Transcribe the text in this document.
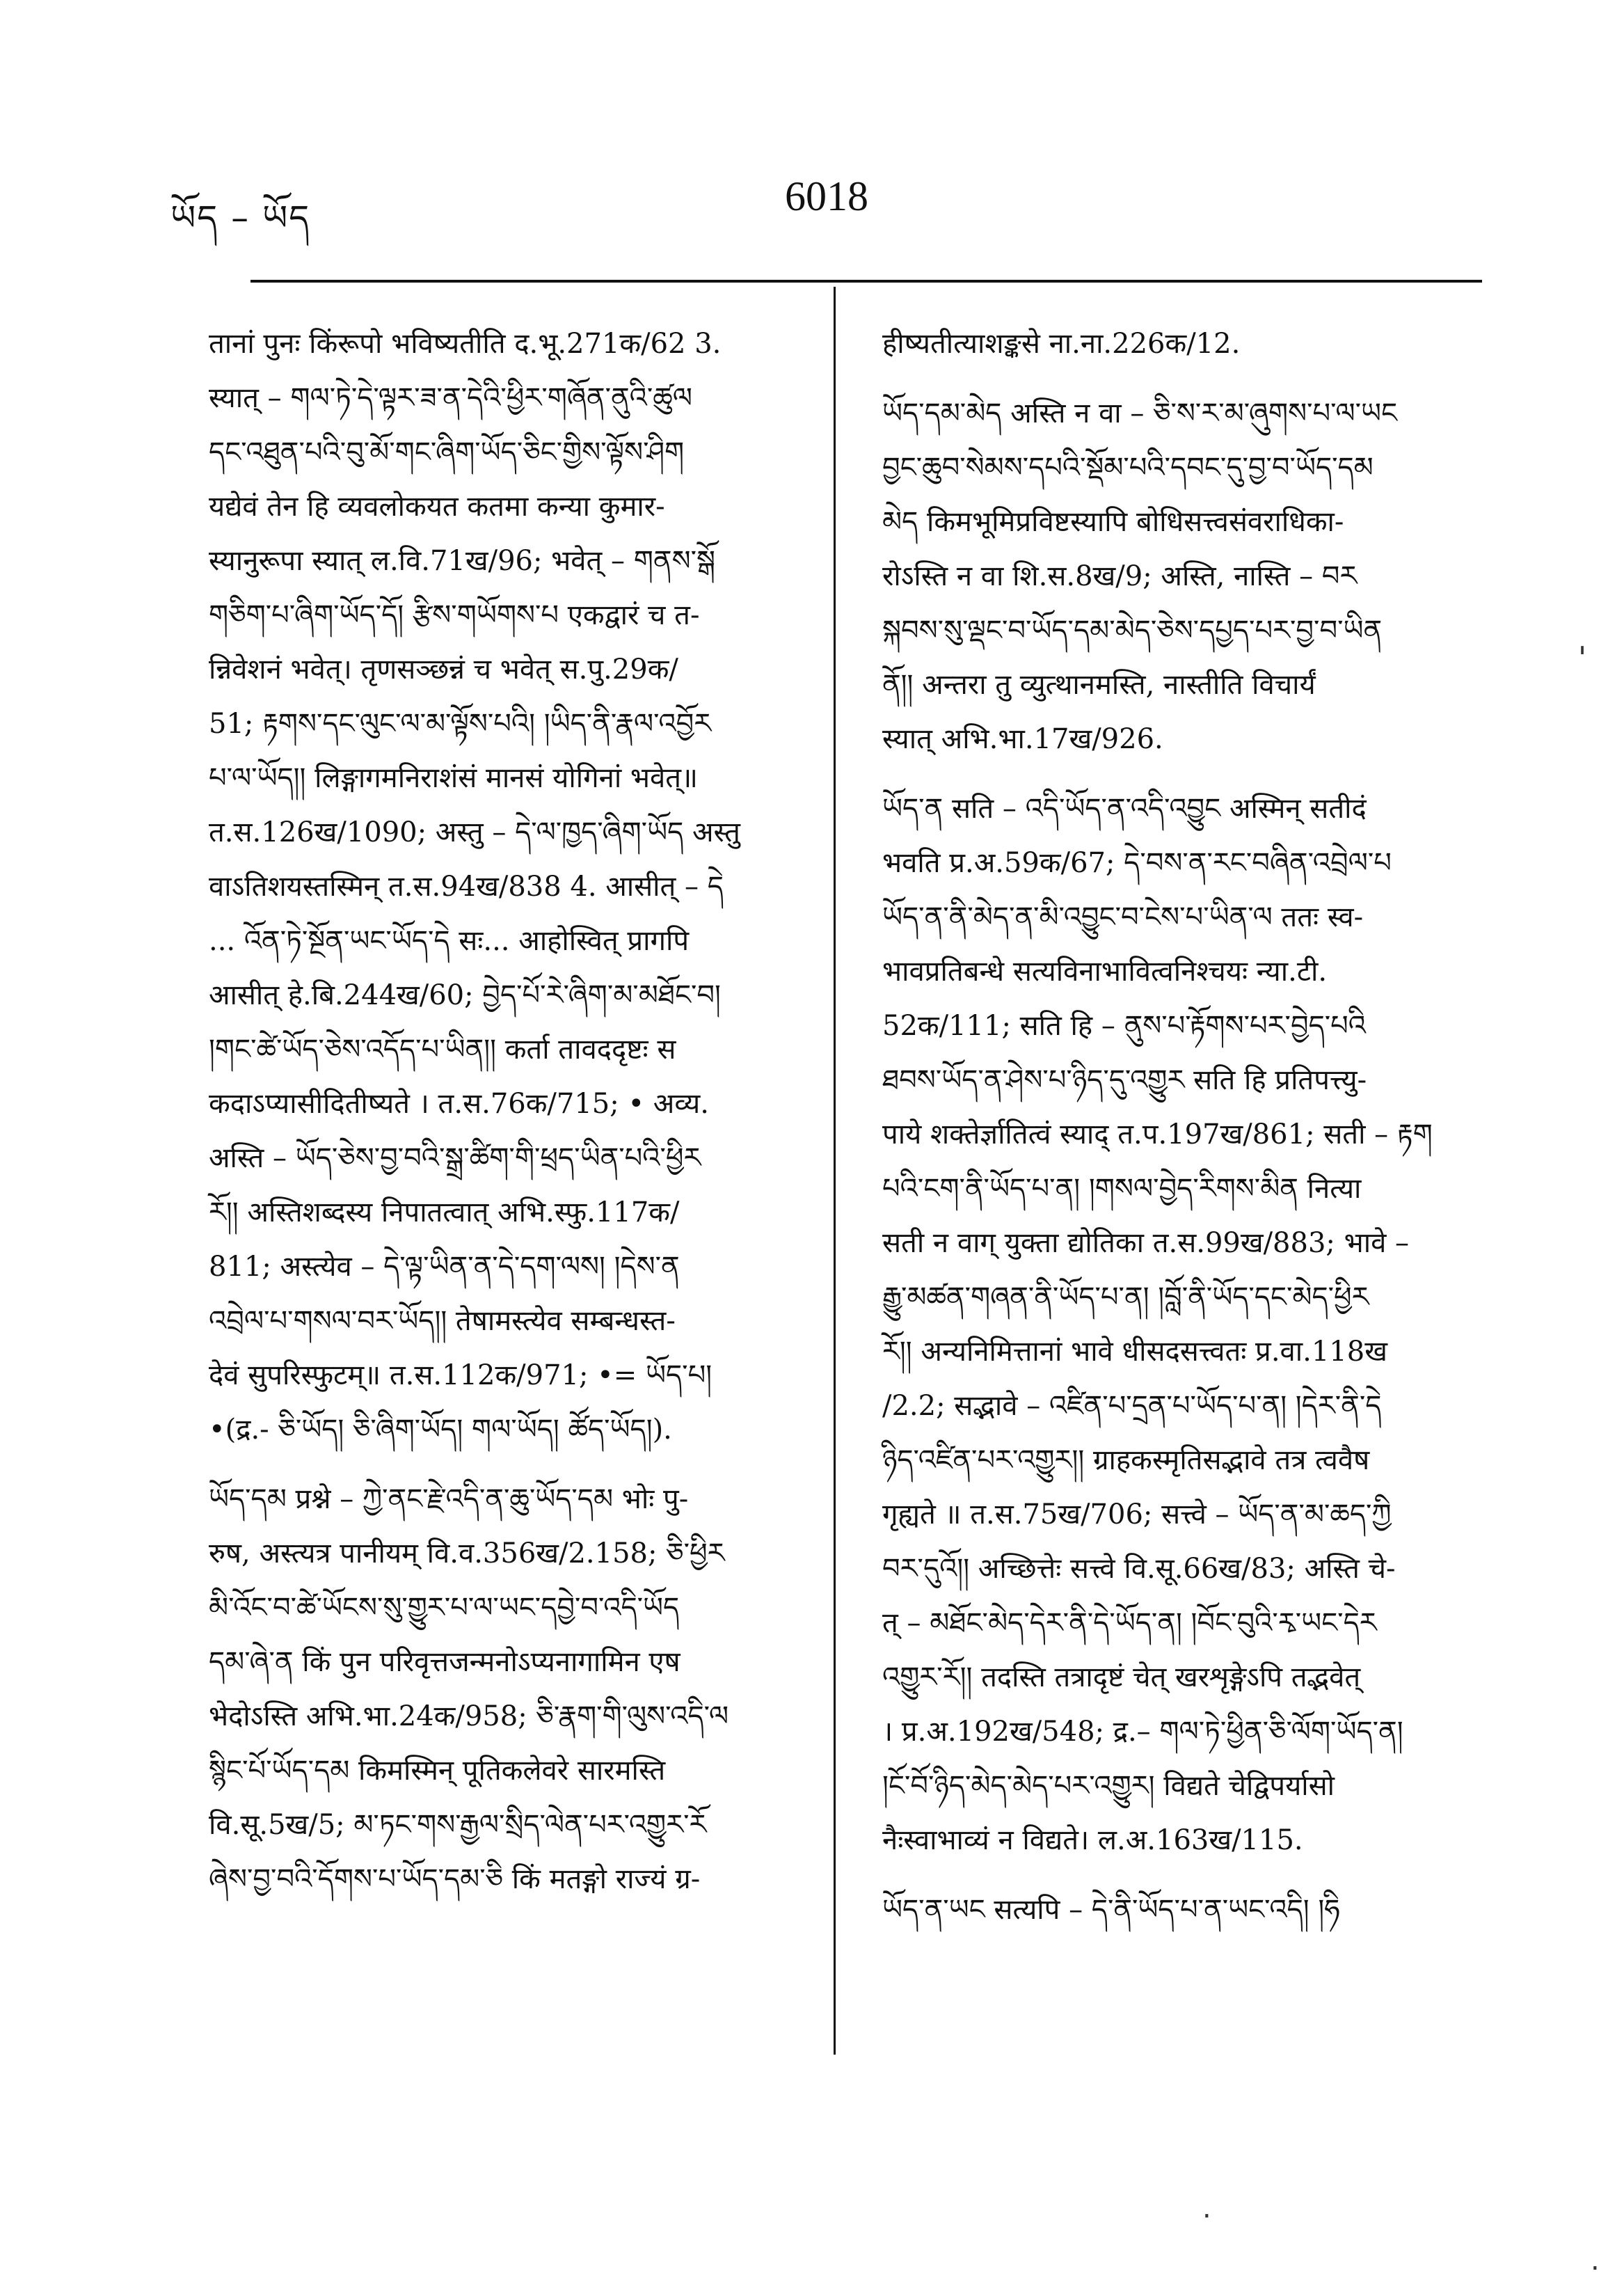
ཡོད – ཡོད	6018
तानां पुनः किंरूपो भविष्यतीति द.भू.271क/62 3.
स्यात् – གལ་ཏེ་དེ་ལྟར་ཟ་ན་དེའི་ཕྱིར་གཞོན་ནུའི་ཚུལ
དང་འཐུན་པའི་བུ་མོ་གང་ཞིག་ཡོད་ཅིང་གྱིས་ལྟོས་ཤིག
यद्येवं तेन हि व्यवलोकयत कतमा कन्या कुमार-
स्यानुरूपा स्यात् ल.वि.71ख/96; भवेत् – གནས་སྒོ
གཅིག་པ་ཞིག་ཡོད་དོ། རྩིས་གཡོགས་པ एकद्वारं च त-
न्निवेशनं भवेत्। तृणसञ्छन्नं च भवेत् स.पु.29क/
51; རྟགས་དང་ལུང་ལ་མ་ལྟོས་པའི། །ཡིད་ནི་རྣལ་འབྱོར
པ་ལ་ཡོད།། लिङ्गागमनिराशंसं मानसं योगिनां भवेत्॥
त.स.126ख/1090; अस्तु – དེ་ལ་ཁྱད་ཞིག་ཡོད अस्तु
वाऽतिशयस्तस्मिन् त.स.94ख/838 4. आसीत् – དེ
... འོན་ཏེ་སྔོན་ཡང་ཡོད་དེ सः... आहोस्वित् प्रागपि
आसीत् हे.बि.244ख/60; བྱེད་པོ་རེ་ཞིག་མ་མཐོང་བ།
།གང་ཚེ་ཡོད་ཅེས་འདོད་པ་ཡིན།། कर्ता तावददृष्टः स
कदाऽप्यासीदितीष्यते । त.स.76क/715; • अव्य.
अस्ति – ཡོད་ཅེས་བྱ་བའི་སྒྲ་ཚིག་གི་ཕྲད་ཡིན་པའི་ཕྱིར
རོ།། अस्तिशब्दस्य निपातत्वात् अभि.स्फु.117क/
811; अस्त्येव – དེ་ལྟ་ཡིན་ན་དེ་དག་ལས། །དེས་ན
འབྲེལ་པ་གསལ་བར་ཡོད།། तेषामस्त्येव सम्बन्धस्त-
देवं सुपरिस्फुटम्॥ त.स.112क/971; •= ཡོད་པ།
•(द्र.- ཅི་ཡོད། ཅི་ཞིག་ཡོད། གལ་ཡོད། ཚོད་ཡོད།).
ཡོད་དམ प्रश्ने – ཀྱེ་ནང་རྗེ་འདི་ན་ཆུ་ཡོད་དམ भोः पु-
रुष, अस्त्यत्र पानीयम् वि.व.356ख/2.158; ཅི་ཕྱིར
མི་འོང་བ་ཚེ་ཡོངས་སུ་གྱུར་པ་ལ་ཡང་དབྱེ་བ་འདི་ཡོད
དམ་ཞེ་ན किं पुन परिवृत्तजन्मनोऽप्यनागामिन एष
भेदोऽस्ति अभि.भा.24क/958; ཅི་རྣག་གི་ལུས་འདི་ལ
སྙིང་པོ་ཡོད་དམ किमस्मिन् पूतिकलेवरे सारमस्ति
वि.सू.5ख/5; མ་ཏང་གས་རྒྱལ་སྲིད་ལེན་པར་འགྱུར་རོ
ཞེས་བྱ་བའི་དོགས་པ་ཡོད་དམ་ཅི किं मतङ्गो राज्यं ग्र-
हीष्यतीत्याशङ्कसे ना.ना.226क/12.
ཡོད་དམ་མེད अस्ति न वा – ཅི་ས་ར་མ་ཞུགས་པ་ལ་ཡང
བྱང་ཆུབ་སེམས་དཔའི་སྡོམ་པའི་དབང་དུ་བྱ་བ་ཡོད་དམ
མེད किमभूमिप्रविष्टस्यापि बोधिसत्त्वसंवराधिका-
रोऽस्ति न वा शि.स.8ख/9; अस्ति, नास्ति – བར
སྐབས་སུ་ལྡང་བ་ཡོད་དམ་མེད་ཅེས་དཔྱད་པར་བྱ་བ་ཡིན
ནོ།། अन्तरा तु व्युत्थानमस्ति, नास्तीति विचार्यं
स्यात् अभि.भा.17ख/926.
ཡོད་ན सति – འདི་ཡོད་ན་འདི་འབྱུང अस्मिन् सतीदं
भवति प्र.अ.59क/67; དེ་བས་ན་རང་བཞིན་འབྲེལ་པ
ཡོད་ན་ནི་མེད་ན་མི་འབྱུང་བ་ངེས་པ་ཡིན་ལ ततः स्व-
भावप्रतिबन्धे सत्यविनाभावित्वनिश्चयः न्या.टी.
52क/111; सति हि – ནུས་པ་རྟོགས་པར་བྱེད་པའི
ཐབས་ཡོད་ན་ཤེས་པ་ཉིད་དུ་འགྱུར सति हि प्रतिपत्त्यु-
पाये शक्तेर्ज्ञातित्वं स्याद् त.प.197ख/861; सती – རྟག
པའི་ངག་ནི་ཡོད་པ་ན། །གསལ་བྱེད་རིགས་མིན नित्या
सती न वाग् युक्ता द्योतिका त.स.99ख/883; भावे –
རྒྱུ་མཚན་གཞན་ནི་ཡོད་པ་ན། །བློ་ནི་ཡོད་དང་མེད་ཕྱིར
རོ།། अन्यनिमित्तानां भावे धीसदसत्त्वतः प्र.वा.118ख
/2.2; सद्भावे – འཛིན་པ་དྲན་པ་ཡོད་པ་ན། །དེར་ནི་དེ
ཉིད་འཛིན་པར་འགྱུར།། ग्राहकस्मृतिसद्भावे तत्र त्ववैष
गृह्यते ॥ त.स.75ख/706; सत्त्वे – ཡོད་ན་མ་ཆད་ཀྱི
བར་དུའོ།། अच्छित्तेः सत्त्वे वि.सू.66ख/83; अस्ति चे-
त् – མཐོང་མེད་དེར་ནི་དེ་ཡོད་ན། །བོང་བུའི་རྭ་ཡང་དེར
འགྱུར་རོ།། तदस्ति तत्रादृष्टं चेत् खरशृङ्गेऽपि तद्भवेत्
। प्र.अ.192ख/548; द्र.– གལ་ཏེ་ཕྱིན་ཅི་ལོག་ཡོད་ན།
།ངོ་བོ་ཉིད་མེད་མེད་པར་འགྱུར། विद्यते चेद्विपर्यासो
नैःस्वाभाव्यं न विद्यते। ल.अ.163ख/115.
ཡོད་ན་ཡང सत्यपि – དེ་ནི་ཡོད་པ་ན་ཡང་འདི། །ཧི
'
.
.
